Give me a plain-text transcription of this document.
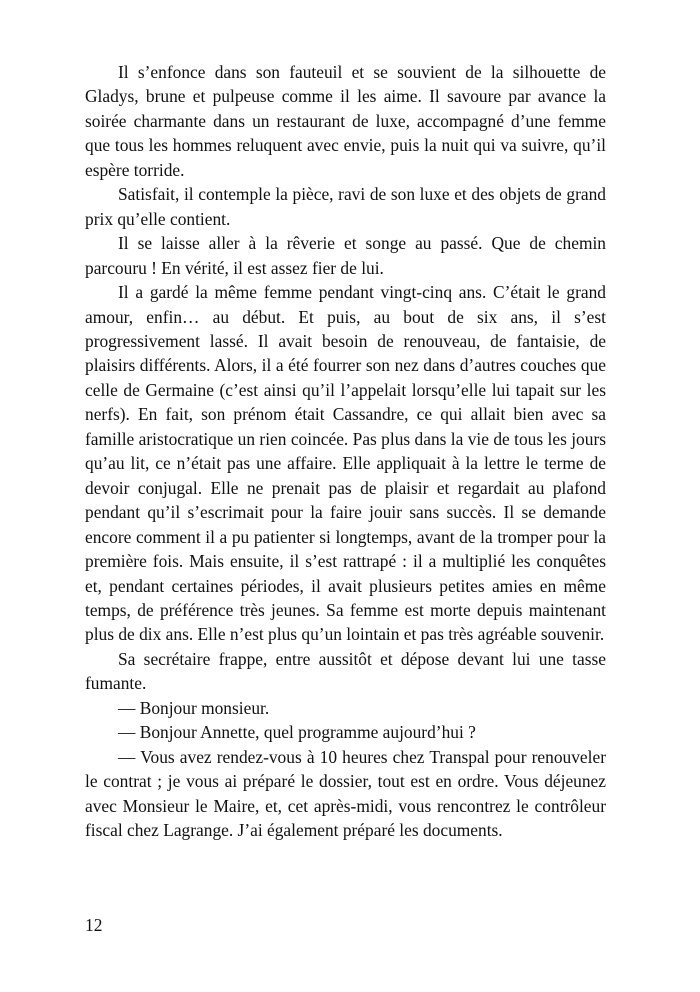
Il s’enfonce dans son fauteuil et se souvient de la silhouette de Gladys, brune et pulpeuse comme il les aime. Il savoure par avance la soirée charmante dans un restaurant de luxe, accompagné d’une femme que tous les hommes reluquent avec envie, puis la nuit qui va suivre, qu’il espère torride.

Satisfait, il contemple la pièce, ravi de son luxe et des objets de grand prix qu’elle contient.

Il se laisse aller à la rêverie et songe au passé. Que de chemin parcouru ! En vérité, il est assez fier de lui.

Il a gardé la même femme pendant vingt-cinq ans. C’était le grand amour, enfin… au début. Et puis, au bout de six ans, il s’est progressivement lassé. Il avait besoin de renouveau, de fantaisie, de plaisirs différents. Alors, il a été fourrer son nez dans d’autres couches que celle de Germaine (c’est ainsi qu’il l’appelait lorsqu’elle lui tapait sur les nerfs). En fait, son prénom était Cassandre, ce qui allait bien avec sa famille aristocratique un rien coincée. Pas plus dans la vie de tous les jours qu’au lit, ce n’était pas une affaire. Elle appliquait à la lettre le terme de devoir conjugal. Elle ne prenait pas de plaisir et regardait au plafond pendant qu’il s’escrimait pour la faire jouir sans succès. Il se demande encore comment il a pu patienter si longtemps, avant de la tromper pour la première fois. Mais ensuite, il s’est rattrapé : il a multiplié les conquêtes et, pendant certaines périodes, il avait plusieurs petites amies en même temps, de préférence très jeunes. Sa femme est morte depuis maintenant plus de dix ans. Elle n’est plus qu’un lointain et pas très agréable souvenir.

Sa secrétaire frappe, entre aussitôt et dépose devant lui une tasse fumante.

— Bonjour monsieur.

— Bonjour Annette, quel programme aujourd’hui ?

— Vous avez rendez-vous à 10 heures chez Transpal pour renouveler le contrat ; je vous ai préparé le dossier, tout est en ordre. Vous déjeunez avec Monsieur le Maire, et, cet après-midi, vous rencontrez le contrôleur fiscal chez Lagrange. J’ai également préparé les documents.

12
